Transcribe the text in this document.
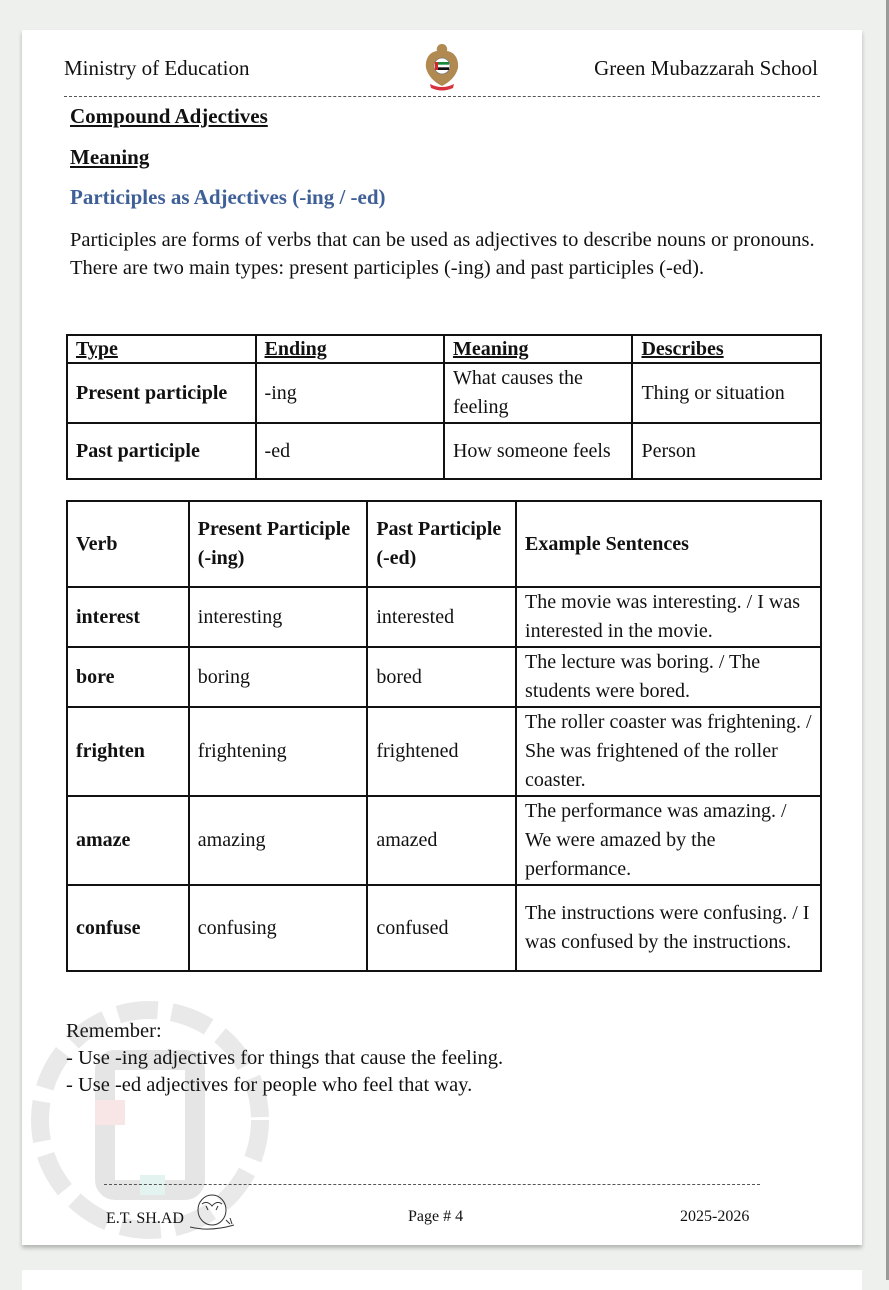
Ministry of Education	Green Mubazzarah School
Compound Adjectives
Meaning
Participles as Adjectives (-ing / -ed)
Participles are forms of verbs that can be used as adjectives to describe nouns or pronouns. There are two main types: present participles (-ing) and past participles (-ed).
Type	Ending	Meaning	Describes
Present participle	-ing	What causes the feeling	Thing or situation
Past participle	-ed	How someone feels	Person
Verb	Present Participle (-ing)	Past Participle (-ed)	Example Sentences
interest	interesting	interested	The movie was interesting. / I was interested in the movie.
bore	boring	bored	The lecture was boring. / The students were bored.
frighten	frightening	frightened	The roller coaster was frightening. / She was frightened of the roller coaster.
amaze	amazing	amazed	The performance was amazing. / We were amazed by the performance.
confuse	confusing	confused	The instructions were confusing. / I was confused by the instructions.
Remember:
- Use -ing adjectives for things that cause the feeling.
- Use -ed adjectives for people who feel that way.
E.T. SH.AD	Page # 4	2025-2026
